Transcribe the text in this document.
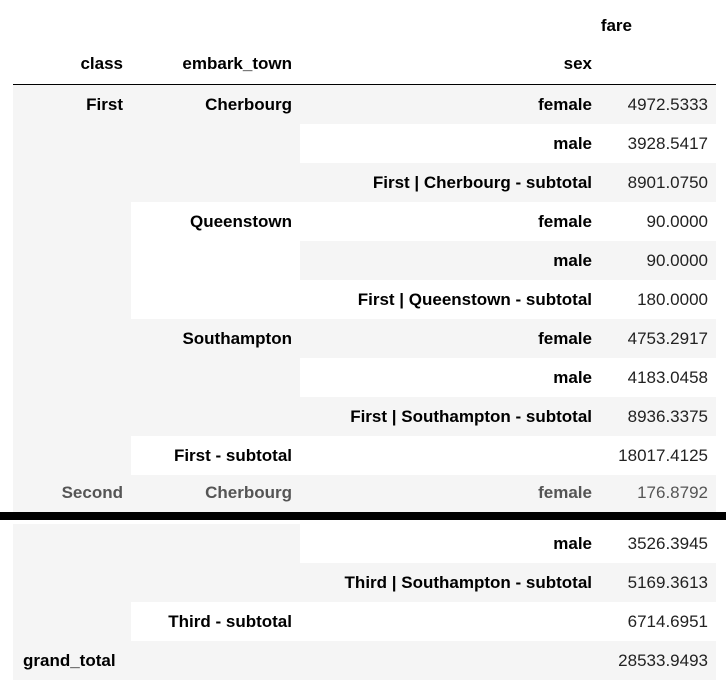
fare
class	embark_town	sex
First	Cherbourg	female	4972.5333
male	3928.5417
First | Cherbourg - subtotal	8901.0750
Queenstown	female	90.0000
male	90.0000
First | Queenstown - subtotal	180.0000
Southampton	female	4753.2917
male	4183.0458
First | Southampton - subtotal	8936.3375
First - subtotal	18017.4125
Second	Cherbourg	female	176.8792
male	3526.3945
Third | Southampton - subtotal	5169.3613
Third - subtotal	6714.6951
grand_total	28533.9493
